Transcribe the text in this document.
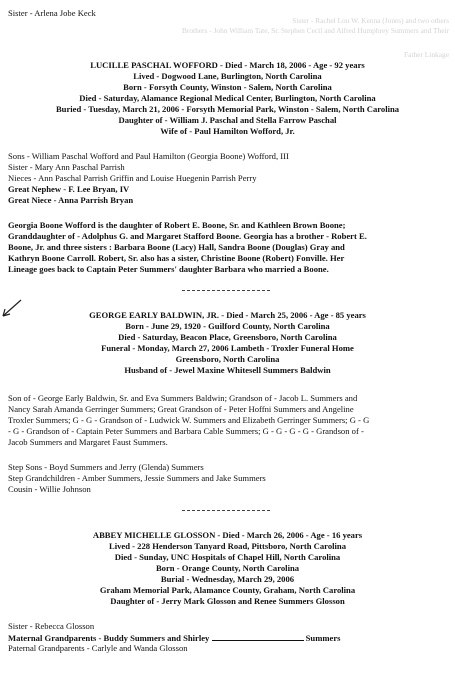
Sister - Rachel Lou W. Kenna (Jones) and two others
Brothers - John William Tate, Sr. Stephen Cecil and Alfred Humphrey Summers and Their
Father Linkage
Sister - Arlena Jobe Keck
LUCILLE PASCHAL WOFFORD - Died - March 18, 2006 - Age - 92 years
Lived - Dogwood Lane, Burlington, North Carolina
Born - Forsyth County, Winston - Salem, North Carolina
Died - Saturday, Alamance Regional Medical Center, Burlington, North Carolina
Buried - Tuesday, March 21, 2006 - Forsyth Memorial Park, Winston - Salem, North Carolina
Daughter of - William J. Paschal and Stella Farrow Paschal
Wife of - Paul Hamilton Wofford, Jr.
Sons - William Paschal Wofford and Paul Hamilton (Georgia Boone) Wofford, III
Sister - Mary Ann Paschal Parrish
Nieces - Ann Paschal Parrish Griffin and Louise Huegenin Parrish Perry
Great Nephew - F. Lee Bryan, IV
Great Niece - Anna Parrish Bryan
Georgia Boone Wofford is the daughter of Robert E. Boone, Sr. and Kathleen Brown Boone;
Granddaughter of - Adolphus G. and Margaret Stafford Boone. Georgia has a brother - Robert E.
Boone, Jr. and three sisters : Barbara Boone (Lacy) Hall, Sandra Boone (Douglas) Gray and
Kathryn Boone Carroll. Robert, Sr. also has a sister, Christine Boone (Robert) Fonville. Her
Lineage goes back to Captain Peter Summers' daughter Barbara who married a Boone.
GEORGE EARLY BALDWIN, JR. - Died - March 25, 2006 - Age - 85 years
Born - June 29, 1920 - Guilford County, North Carolina
Died - Saturday, Beacon Place, Greensboro, North Carolina
Funeral - Monday, March 27, 2006 Lambeth - Troxler Funeral Home
Greensboro, North Carolina
Husband of - Jewel Maxine Whitesell Summers Baldwin
Son of - George Early Baldwin, Sr. and Eva Summers Baldwin; Grandson of - Jacob L. Summers and
Nancy Sarah Amanda Gerringer Summers; Great Grandson of - Peter Hoffni Summers and Angeline
Troxler Summers; G - G - Grandson of - Ludwick W. Summers and Elizabeth Gerringer Summers; G - G
- G - Grandson of - Captain Peter Summers and Barbara Cable Summers; G - G - G - G - Grandson of -
Jacob Summers and Margaret Faust Summers.
Step Sons - Boyd Summers and Jerry (Glenda) Summers
Step Grandchildren - Amber Summers, Jessie Summers and Jake Summers
Cousin - Willie Johnson
ABBEY MICHELLE GLOSSON - Died - March 26, 2006 - Age - 16 years
Lived - 228 Henderson Tanyard Road, Pittsboro, North Carolina
Died - Sunday, UNC Hospitals of Chapel Hill, North Carolina
Born - Orange County, North Carolina
Burial - Wednesday, March 29, 2006
Graham Memorial Park, Alamance County, Graham, North Carolina
Daughter of - Jerry Mark Glosson and Renee Summers Glosson
Sister - Rebecca Glosson
Maternal Grandparents - Buddy Summers and Shirley	Summers
Paternal Grandparents - Carlyle and Wanda Glosson
